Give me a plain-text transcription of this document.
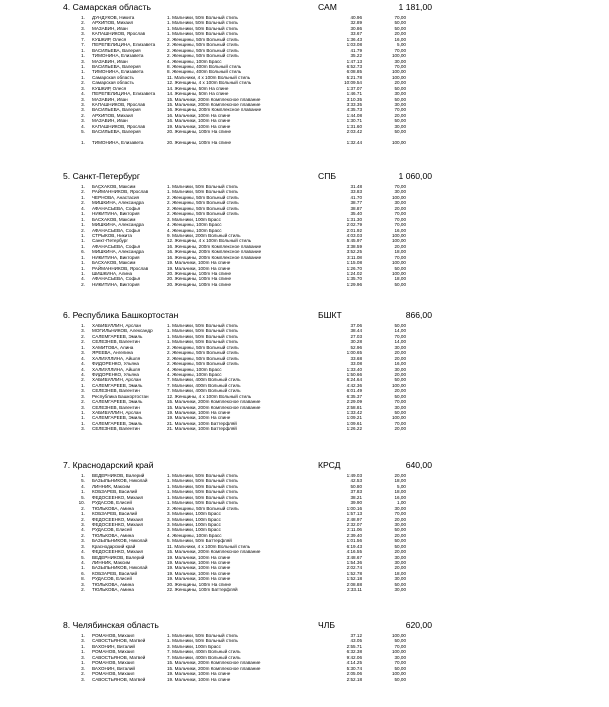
4. Самарская область	САМ	1 181,00
1. ДУНДУКОВ, Никита	1. Мальчики, 50m Вольный стиль	40.96	70,00
2. АРХИПОВ, Михаил	1. Мальчики, 50m Вольный стиль	32.89	50,00
3. МАЗАВИН, Иван	1. Мальчики, 50m Вольный стиль	30.86	50,00
3. КАПАШНИКОВ, Ярослав	1. Мальчики, 50m Вольный стиль	33.67	20,00
7. КУШКИР, Олеся	2. Женщины, 50m Вольный стиль	1:36.43	16,00
7. ПЕРЕПЕЛИЦИНА, Елизавета	2. Женщины, 50m Вольный стиль	1:03.08	5,00
1. ВАСИЛЬЕВА, Валерия	2. Женщины, 50m Вольный стиль	41.79	70,00
1. ТИМОНИНА, Елизавета	2. Женщины, 50m Вольный стиль	35.22	100,00
3. МАЗАВИН, Иван	4. Женщины, 100m Брасс	1:47.13	30,00
1. ВАСИЛЬЕВА, Валерия	8. Женщины, 400m Вольный стиль	6:52.73	70,00
1. ТИМОНИНА, Елизавета	8. Женщины, 400m Вольный стиль	6:08.85	100,00
1. Самарская область	11. Мальчики, 4 x 100m Вольный стиль	5:21.78	100,00
2. Самарская область	12. Женщины, 4 x 100m Вольный стиль	10:09.54	20,00
3. КУШКИР, Олеся	14. Женщины, 50m На спине	1:37.07	50,00
4. ПЕРЕПЕЛИЦИНА, Елизавета	14. Женщины, 50m На спине	1:46.71	30,00
3. МАЗАВИН, Иван	15. Мальчики, 200m Комплексное плавание	3:10.35	50,00
3. КАПАШНИКОВ, Ярослав	15. Мальчики, 200m Комплексное плавание	3:33.35	30,00
3. ВАСИЛЬЕВА, Валерия	16. Женщины, 200m Комплексное плавание	4:35.73	70,00
2. АРХИПОВ, Михаил	16. Мальчики, 100m На спине	1:44.08	20,00
3. МАЗАВИН, Иван	16. Мальчики, 100m На спине	1:30.71	50,00
4. КАПАШНИКОВ, Ярослав	19. Мальчики, 100m На спине	1:31.60	30,00
5. ВАСИЛЬЕВА, Валерия	20. Женщины, 100m На спине	2:03.42	50,00
1. ТИМОНИНА, Елизавета	20. Женщины, 100m На спине	1:32.44	100,00
5. Санкт-Петербург	СПБ	1 060,00
1. БАСХАКОВ, Максим	1. Мальчики, 50m Вольный стиль	31.48	70,00
2. РАЙМАННИКОВ, Ярослав	1. Мальчики, 50m Вольный стиль	33.83	30,00
1. ЧЕРНОВА, Анастасия	2. Женщины, 50m Вольный стиль	41.70	100,00
2. МИШКИНА, Александра	2. Женщины, 50m Вольный стиль	38.77	30,00
4. АФАНАСЬЕВА, Софья	2. Женщины, 50m Вольный стиль	38.87	20,00
1. НИКИТИНА, Виктория	2. Женщины, 50m Вольный стиль	35.40	70,00
1. БАСХАКОВ, Максим	3. Мальчики, 100m Брасс	1:31.30	70,00
1. МИШКИНА, Александра	4. Женщины, 100m Брасс	2:02.79	70,00
2. АФАНАСЬЕВА, Софья	4. Женщины, 100m Брасс	2:01.92	16,00
1. СТРЫКОВ, Никита	9. Мальчики, 200m Вольный стиль	4:03.03	100,00
1. Санкт-Петербург	12. Женщины, 4 x 100m Вольный стиль	5:45.97	100,00
1. АФАНАСЬЕВА, Софья	16. Женщины, 200m Комплексное плавание	3:38.59	20,00
6. МИШКИНА, Александра	16. Женщины, 200m Комплексное плавание	3:52.25	18,00
1. НИКИТИНА, Виктория	16. Женщины, 200m Комплексное плавание	3:11.08	70,00
1. БАСХАКОВ, Максим	19. Мальчики, 100m На спине	1:15.08	100,00
1. РАЙМАННИКОВ, Ярослав	19. Мальчики, 100m На спине	1:26.70	50,00
1. ШИШКИНА, Алина	20. Женщины, 100m На спине	1:24.02	100,00
4. АФАНАСЬЕВА, Софья	20. Женщины, 100m На спине	1:35.70	18,00
2. НИКИТИНА, Виктория	20. Женщины, 100m На спине	1:29.96	50,00
6. Республика Башкортостан	БШКТ	866,00
1. ХАБИБУЛЛИН, Арслан	1. Мальчики, 50m Вольный стиль	37.06	50,00
3. МОГИЛЬНИКОВ, Александр	1. Мальчики, 50m Вольный стиль	38.44	14,00
2. САЛЕМГАРЕЕВ, Эмиль	1. Мальчики, 50m Вольный стиль	27.03	70,00
2. СЕЛЕЗНЕВ, Валентин	1. Мальчики, 50m Вольный стиль	30.28	14,00
1. ХАМИТОВА, Алина	2. Женщины, 50m Вольный стиль	52.96	30,00
3. ЯРЕЕВА, Ангелина	2. Женщины, 50m Вольный стиль	1:00.65	20,00
4. ХАЛИУЛЛИНА, Айшля	2. Женщины, 50m Вольный стиль	33.68	20,00
4. ФИДОРЕНКО, Ульяна	2. Женщины, 50m Вольный стиль	33.08	16,00
4. ХАЛИУЛЛИНА, Айшля	4. Женщины, 100m Брасс	1:33.40	30,00
4. ФИДОРЕНКО, Ульяна	4. Женщины, 100m Брасс	1:50.66	20,00
2. ХАБИБУЛЛИН, Арслан	7. Мальчики, 400m Вольный стиль	6:24.64	50,00
1. САЛЕМГАРЕЕВ, Эмиль	7. Мальчики, 400m Вольный стиль	4:42.36	100,00
3. СЕЛЕЗНЕВ, Валентин	7. Мальчики, 400m Вольный стиль	6:01.49	20,00
3. Республика Башкортостан	12. Женщины, 4 x 100m Вольный стиль	6:35.37	50,00
2. САЛЕМГАРЕЕВ, Эмиль	15. Мальчики, 200m Комплексное плавание	2:29.09	70,00
3. СЕЛЕЗНЕВ, Валентин	15. Мальчики, 200m Комплексное плавание	2:58.81	30,00
1. ХАБИБУЛЛИН, Арслан	19. Мальчики, 100m На спине	1:33.42	50,00
1. САЛЕМГАРЕЕВ, Эмиль	19. Мальчики, 100m На спине	1:09.21	100,00
1. САЛЕМГАРЕЕВ, Эмиль	21. Мальчики, 100m Баттерфляй	1:09.61	70,00
3. СЕЛЕЗНЕВ, Валентин	21. Мальчики, 100m Баттерфляй	1:26.22	20,00
7. Краснодарский край	КРСД	640,00
1. ВЕДЕРНИКОВ, Валерий	1. Мальчики, 50m Вольный стиль	1:49.03	20,00
5. БАЗЫЛЬНИКОВ, Николай	1. Мальчики, 50m Вольный стиль	42.53	18,00
4. ЛИННИК, Максим	1. Мальчики, 50m Вольный стиль	50.80	5,00
1. КОБЗАРЕВ, Василий	1. Мальчики, 50m Вольный стиль	37.83	18,00
5. ФЕДОСЕЕНКО, Михаил	1. Мальчики, 50m Вольный стиль	38.21	16,00
10. РУДАСОВ, Елисей	1. Мальчики, 50m Вольный стиль	39.90	1,00
2. ТЮЛЬКОВА, Амина	2. Женщины, 50m Вольный стиль	1:00.16	30,00
1. КОБЗАРЕВ, Василий	3. Мальчики, 100m Брасс	1:57.13	70,00
2. ФЕДОСЕЕНКО, Михаил	3. Мальчики, 100m Брасс	2:48.97	20,00
3. ФЕДОСЕЕНКО, Михаил	3. Мальчики, 100m Брасс	2:32.07	30,00
4. РУДАСОВ, Елисей	3. Мальчики, 100m Брасс	2:11.06	50,00
2. ТЮЛЬКОВА, Амина	4. Женщины, 100m Брасс	2:39.40	20,00
3. БАЗЫЛЬНИКОВ, Николай	5. Мальчики, 50m Баттерфляй	1:01.56	50,00
3. Краснодарский край	11. Мальчики, 4 x 100m Вольный стиль	6:19.43	50,00
4. ФЕДОСЕЕНКО, Михаил	15. Мальчики, 200m Комплексное плавание	4:16.55	20,00
5. ВЕДЕРНИКОВ, Валерий	19. Мальчики, 100m На спине	3:48.67	30,00
4. ЛИННИК, Максим	19. Мальчики, 100m На спине	1:54.36	30,00
1. БАЗЫЛЬНИКОВ, Николай	19. Мальчики, 100m На спине	2:02.74	20,00
6. КОБЗАРЕВ, Василий	19. Мальчики, 100m На спине	1:52.78	18,00
8. РУДАСОВ, Елисей	19. Мальчики, 100m На спине	1:52.18	30,00
3. ТЮЛЬКОВА, Амина	20. Женщины, 100m На спине	2:08.88	50,00
2. ТЮЛЬКОВА, Амина	22. Женщины, 100m Баттерфляй	2:33.11	30,00
8. Челябинская область	ЧЛБ	620,00
1. РОМАНОВ, Михаил	1. Мальчики, 50m Вольный стиль	37.12	100,00
3. САВОСТЬЯНОВ, Матвей	1. Мальчики, 50m Вольный стиль	43.05	50,00
1. ВАХОНИН, Виталий	3. Мальчики, 100m Брасс	2:55.71	70,00
1. РОМАНОВ, Михаил	7. Мальчики, 400m Вольный стиль	6:32.38	100,00
3. САВОСТЬЯНОВ, Матвей	7. Мальчики, 400m Вольный стиль	9:42.06	30,00
1. РОМАНОВ, Михаил	15. Мальчики, 200m Комплексное плавание	4:14.25	70,00
3. ВАХОНИН, Виталий	15. Мальчики, 200m Комплексное плавание	5:30.74	50,00
2. РОМАНОВ, Михаил	19. Мальчики, 100m На спине	2:05.06	100,00
3. САВОСТЬЯНОВ, Матвей	19. Мальчики, 100m На спине	2:52.18	50,00
